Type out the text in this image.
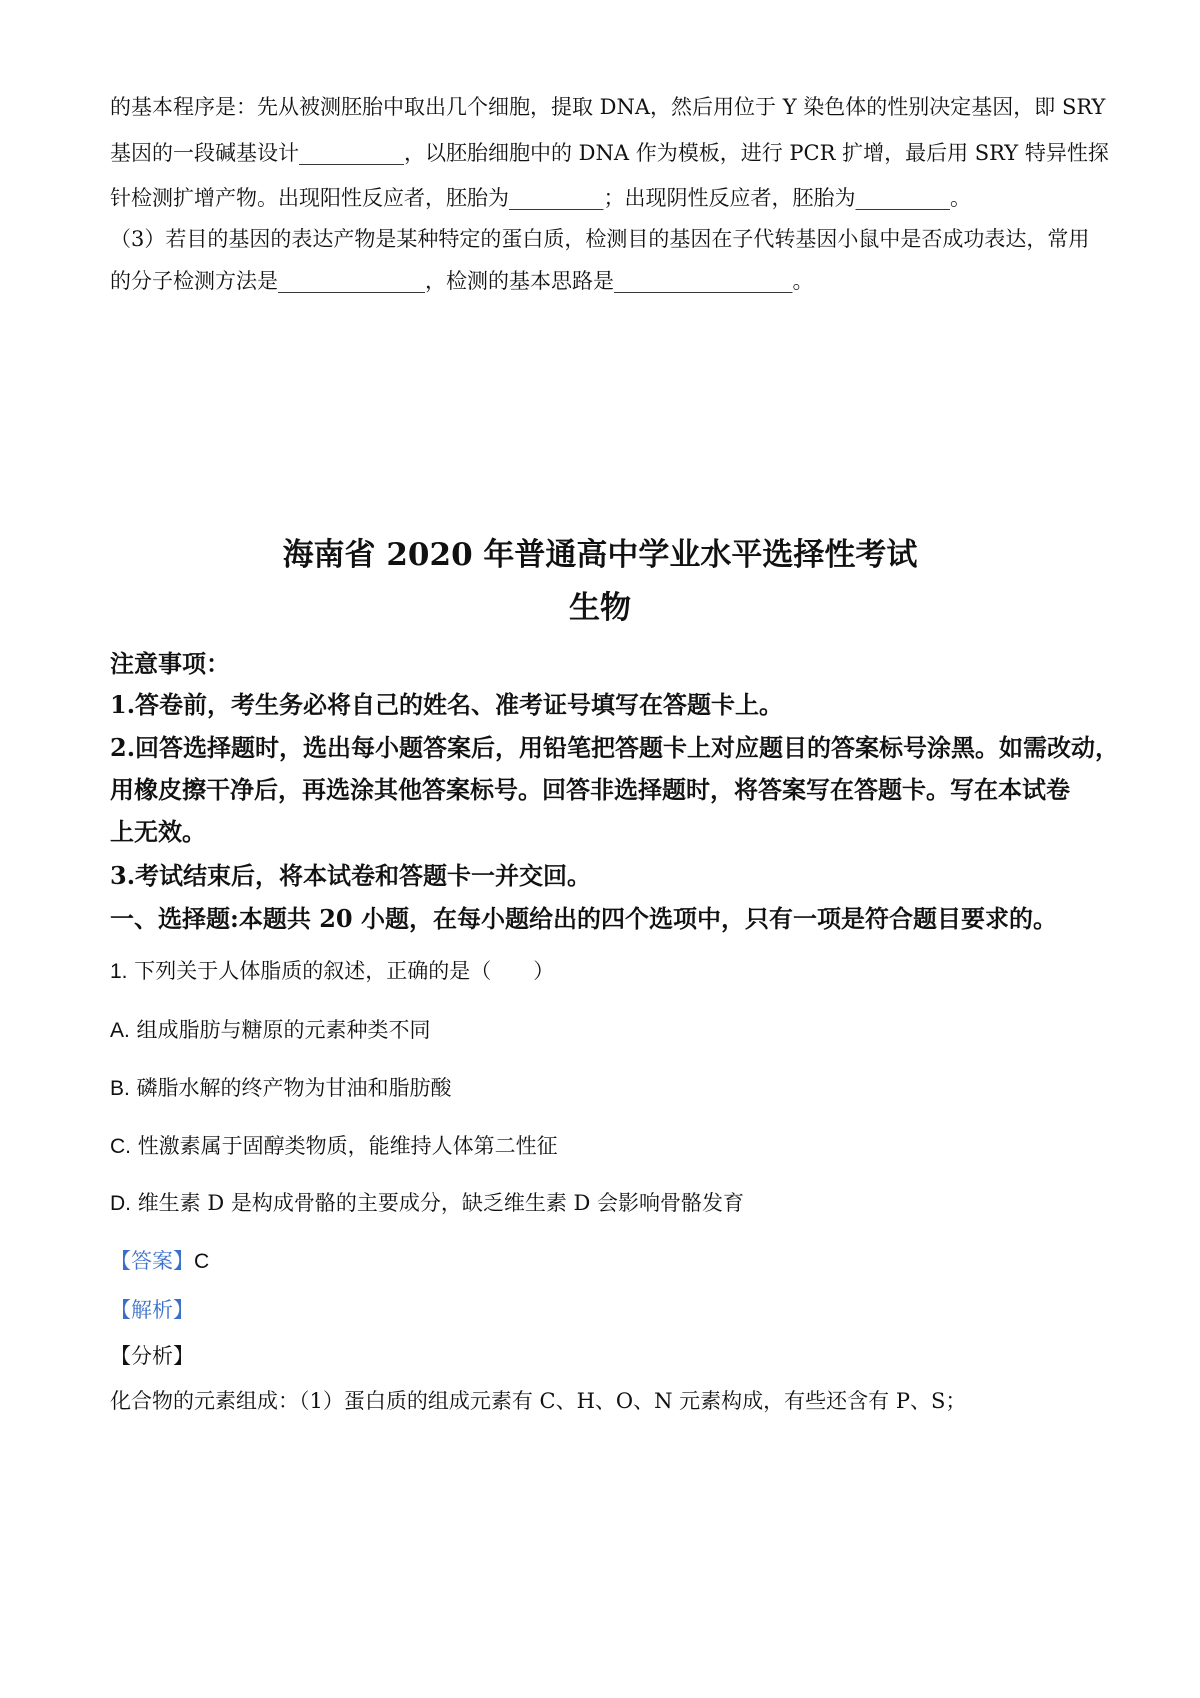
的基本程序是：先从被测胚胎中取出几个细胞，提取 DNA，然后用位于 Y 染色体的性别决定基因，即 SRY
基因的一段碱基设计__________，以胚胎细胞中的 DNA 作为模板，进行 PCR 扩增，最后用 SRY 特异性探
针检测扩增产物。出现阳性反应者，胚胎为_________；出现阴性反应者，胚胎为_________。
（3）若目的基因的表达产物是某种特定的蛋白质，检测目的基因在子代转基因小鼠中是否成功表达，常用
的分子检测方法是______________，检测的基本思路是_________________。
海南省 2020 年普通高中学业水平选择性考试
生物
注意事项：
1.答卷前，考生务必将自己的姓名、准考证号填写在答题卡上。
2.回答选择题时，选出每小题答案后，用铅笔把答题卡上对应题目的答案标号涂黑。如需改动，
用橡皮擦干净后，再选涂其他答案标号。回答非选择题时，将答案写在答题卡。写在本试卷
上无效。
3.考试结束后，将本试卷和答题卡一并交回。
一、选择题:本题共 20 小题，在每小题给出的四个选项中，只有一项是符合题目要求的。
1. 下列关于人体脂质的叙述，正确的是（　　）
A. 组成脂肪与糖原的元素种类不同
B. 磷脂水解的终产物为甘油和脂肪酸
C. 性激素属于固醇类物质，能维持人体第二性征
D. 维生素 D 是构成骨骼的主要成分，缺乏维生素 D 会影响骨骼发育
【答案】C
【解析】
【分析】
化合物的元素组成：（1）蛋白质的组成元素有 C、H、O、N 元素构成，有些还含有 P、S；
